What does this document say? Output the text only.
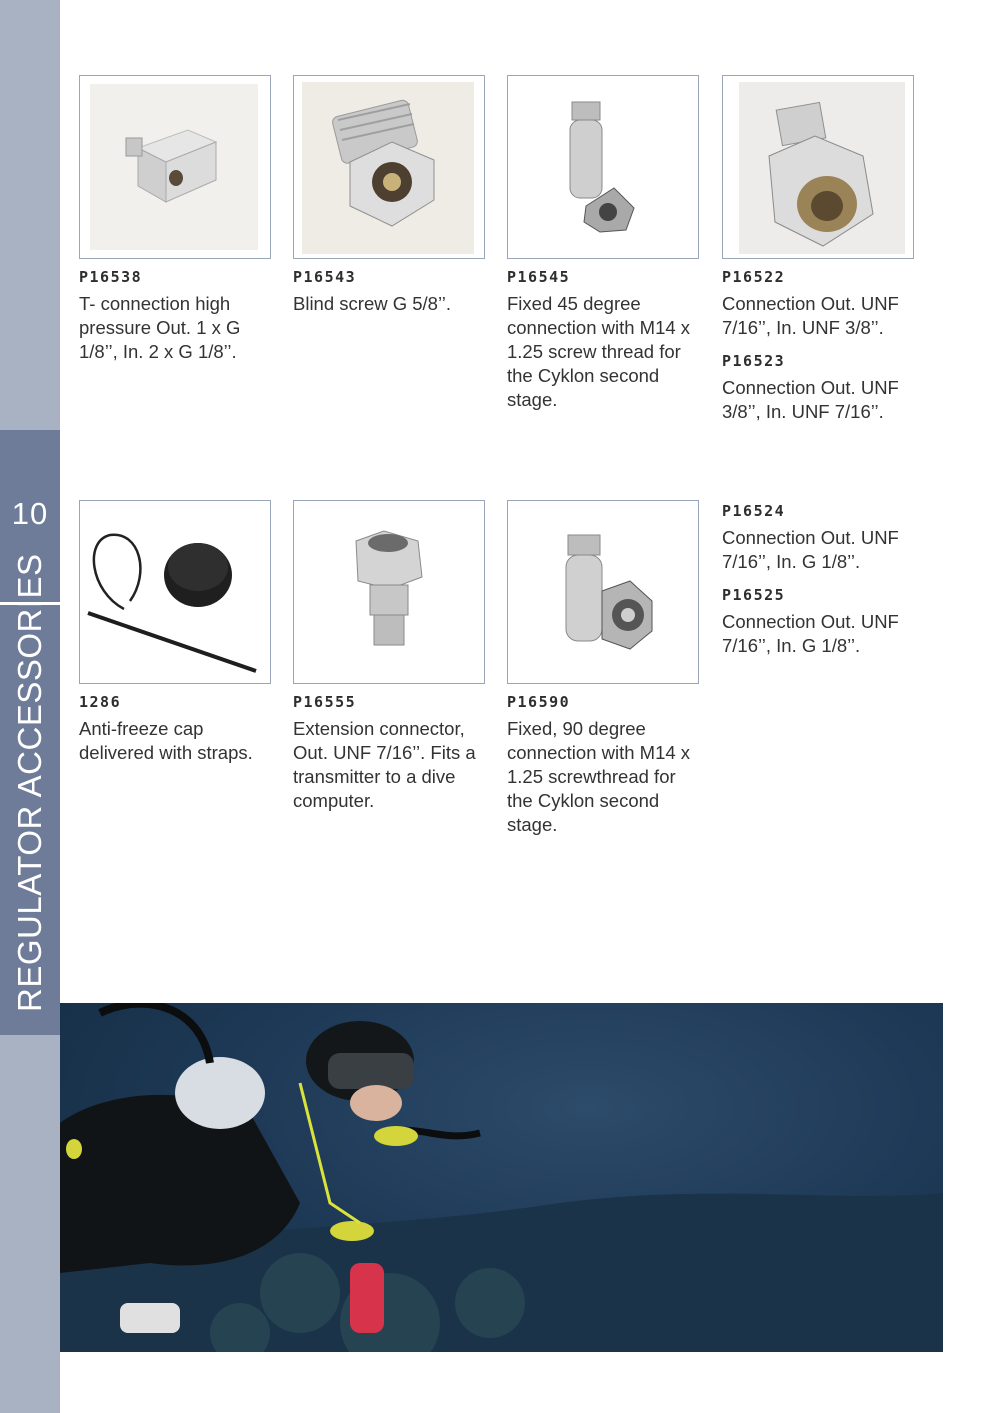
10
REGULATOR ACCESSORIES
P16538
T- connection high pressure Out. 1 x G 1/8’’, In. 2 x G 1/8’’.
P16543
Blind screw G 5/8’’.
P16545
Fixed 45 degree connection with M14 x 1.25 screw thread for the Cyklon second stage.
P16522
Connection Out. UNF 7/16’’, In. UNF 3/8’’.
P16523
Connection Out. UNF 3/8’’, In. UNF 7/16’’.
1286
Anti-freeze cap delivered with straps.
P16555
Extension connector, Out. UNF 7/16’’. Fits a transmitter to a dive computer.
P16590
Fixed, 90 degree connection with M14 x 1.25 screwthread for the Cyklon second stage.
P16524
Connection Out. UNF 7/16’’, In. G 1/8’’.
P16525
Connection Out. UNF 7/16’’, In. G 1/8’’.
